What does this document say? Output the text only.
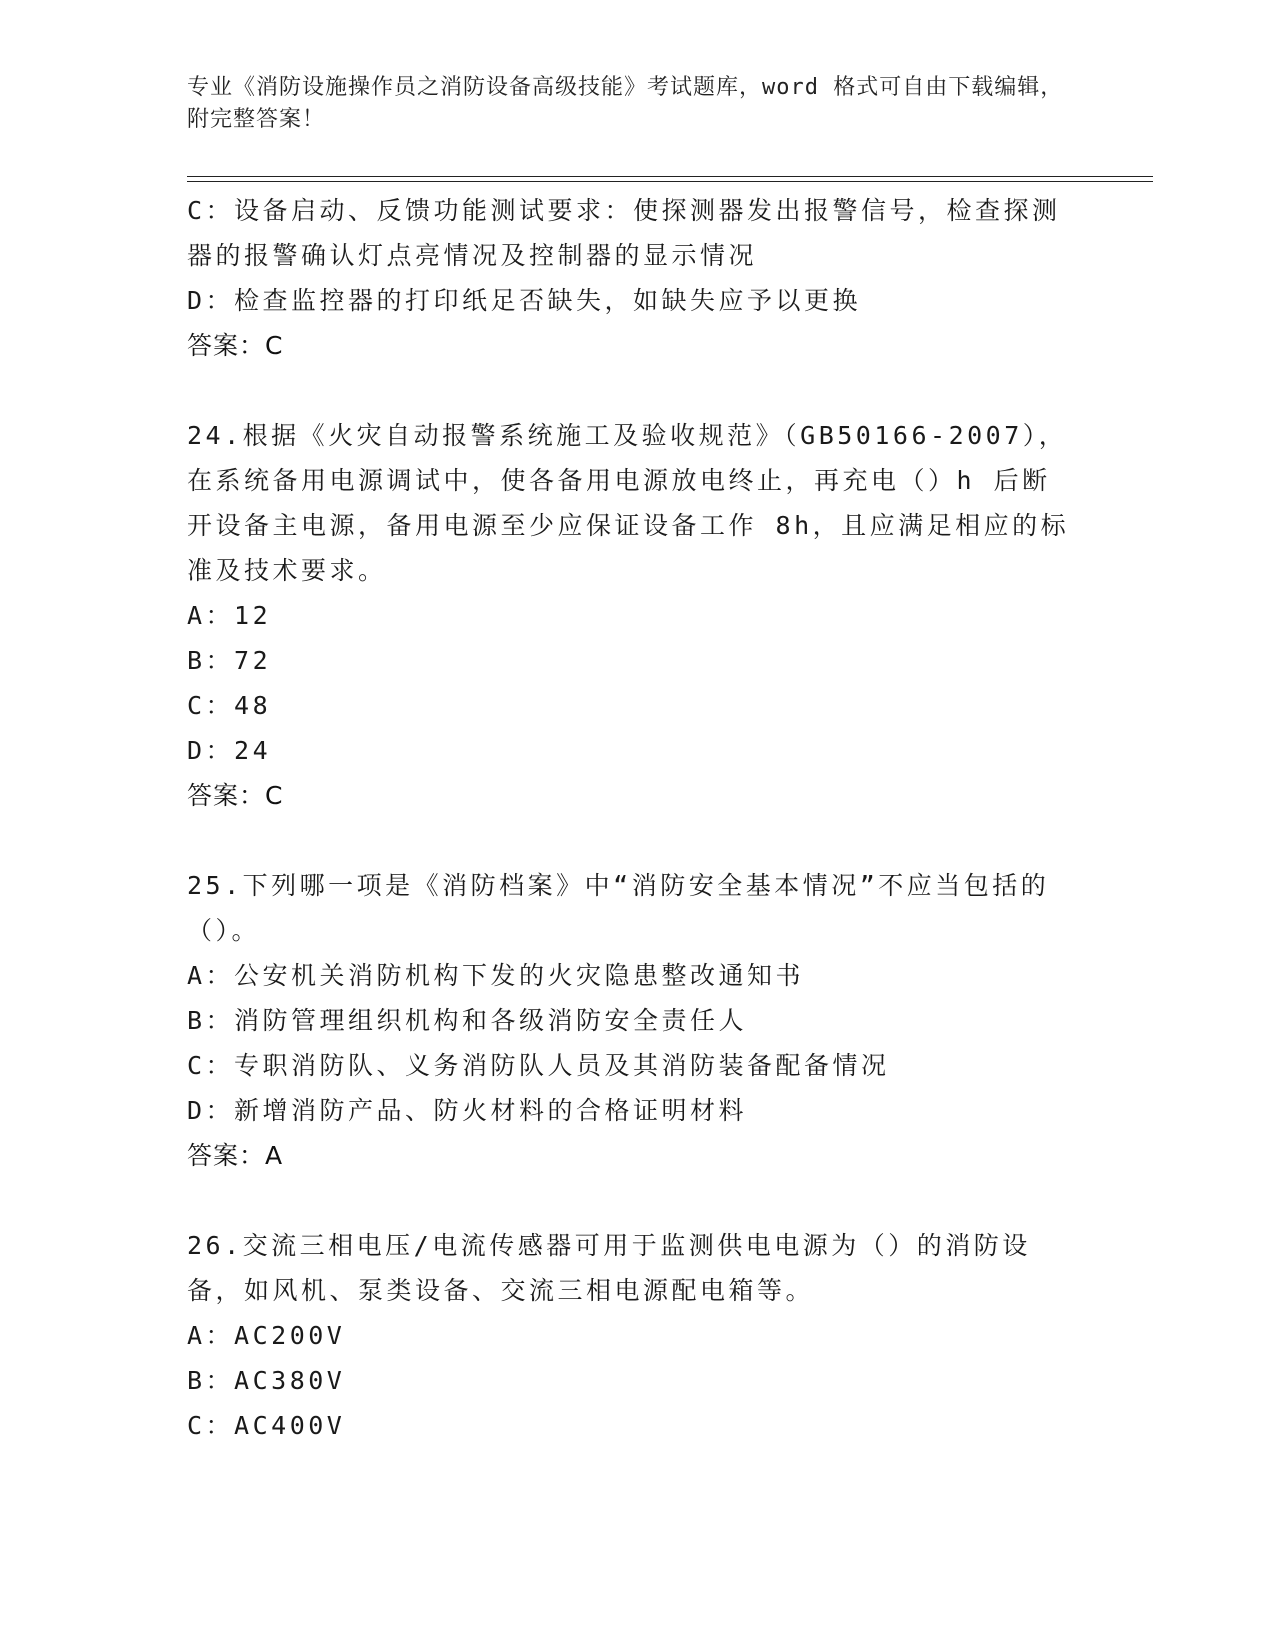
专业《消防设施操作员之消防设备高级技能》考试题库，word 格式可自由下载编辑，附完整答案！
C：设备启动、反馈功能测试要求：使探测器发出报警信号，检查探测器的报警确认灯点亮情况及控制器的显示情况
D：检查监控器的打印纸足否缺失，如缺失应予以更换
答案：C
24.根据《火灾自动报警系统施工及验收规范》（GB50166-2007），在系统备用电源调试中，使各备用电源放电终止，再充电（）h 后断开设备主电源，备用电源至少应保证设备工作 8h，且应满足相应的标准及技术要求。
A：12
B：72
C：48
D：24
答案：C
25.下列哪一项是《消防档案》中“消防安全基本情况”不应当包括的（）。
A：公安机关消防机构下发的火灾隐患整改通知书
B：消防管理组织机构和各级消防安全责任人
C：专职消防队、义务消防队人员及其消防装备配备情况
D：新增消防产品、防火材料的合格证明材料
答案：A
26.交流三相电压/电流传感器可用于监测供电电源为（）的消防设备，如风机、泵类设备、交流三相电源配电箱等。
A：AC200V
B：AC380V
C：AC400V
